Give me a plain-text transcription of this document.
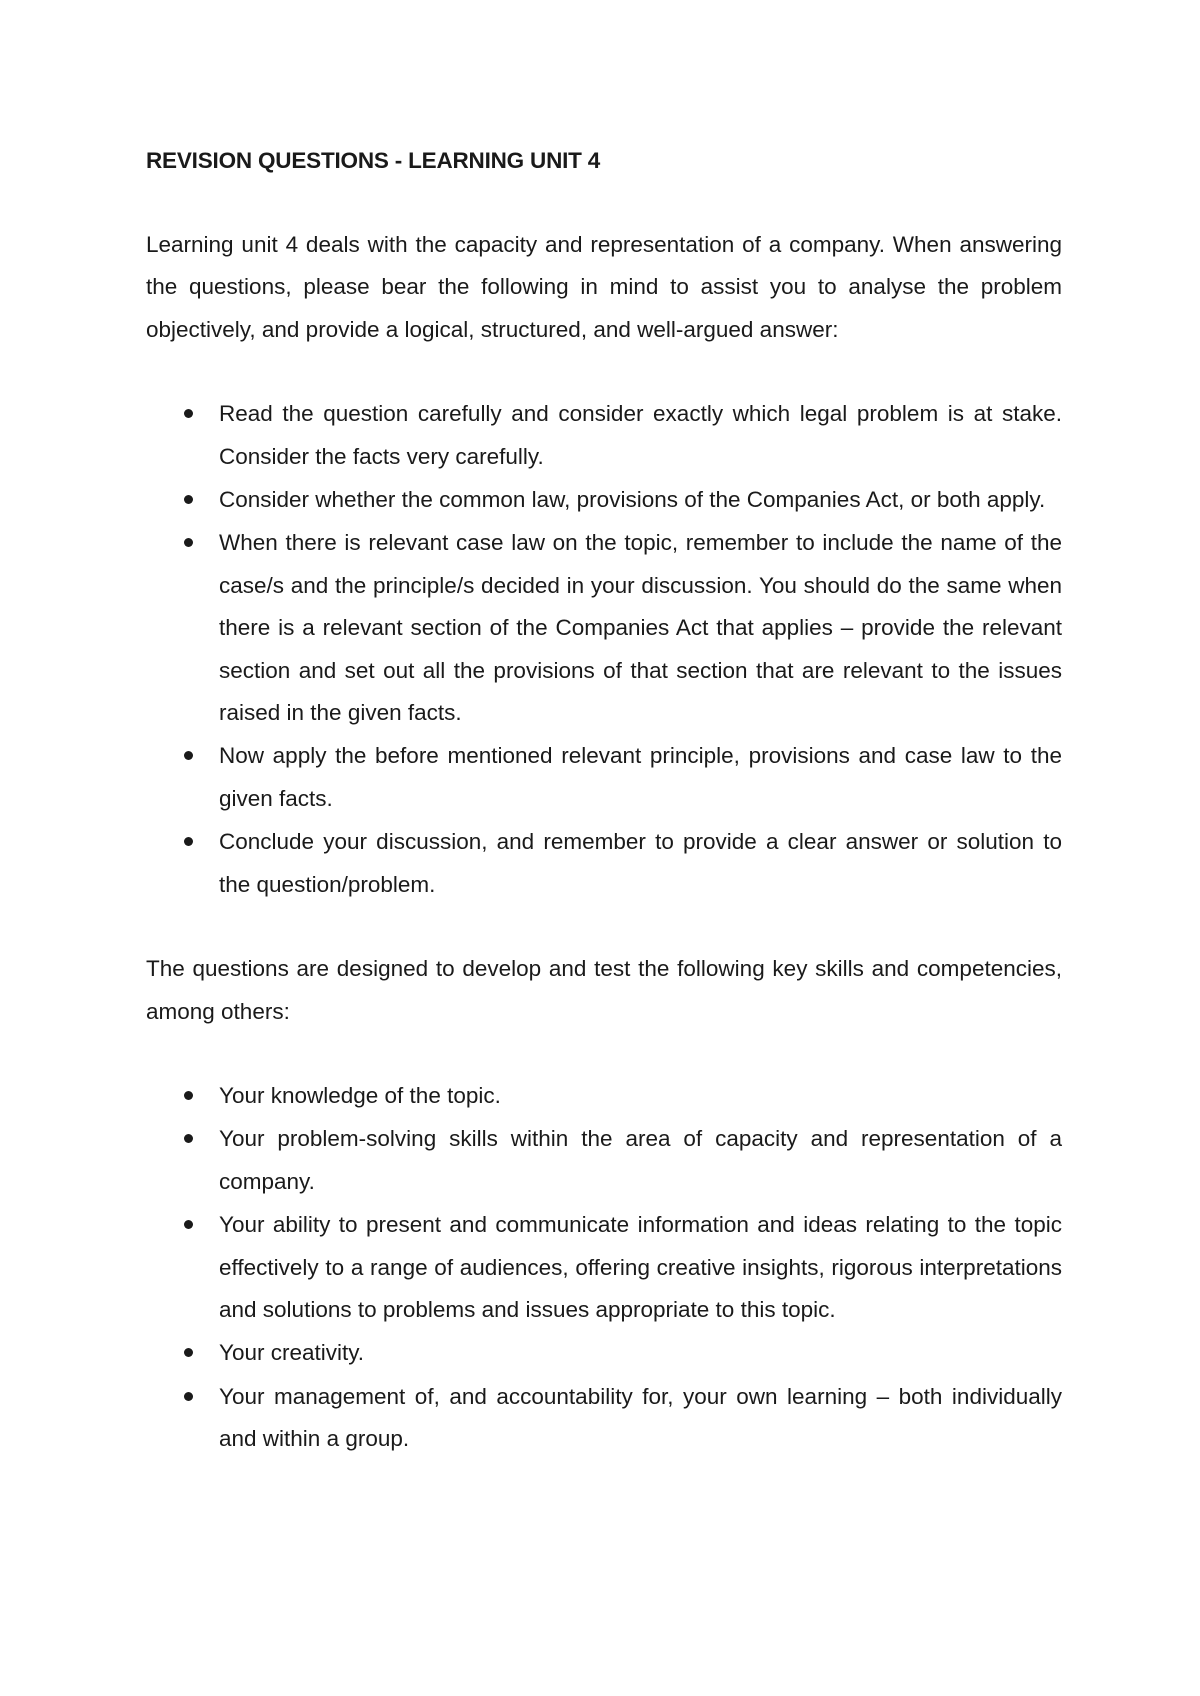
REVISION QUESTIONS - LEARNING UNIT 4

Learning unit 4 deals with the capacity and representation of a company. When answering the questions, please bear the following in mind to assist you to analyse the problem objectively, and provide a logical, structured, and well-argued answer:

Read the question carefully and consider exactly which legal problem is at stake. Consider the facts very carefully.
Consider whether the common law, provisions of the Companies Act, or both apply.
When there is relevant case law on the topic, remember to include the name of the case/s and the principle/s decided in your discussion. You should do the same when there is a relevant section of the Companies Act that applies – provide the relevant section and set out all the provisions of that section that are relevant to the issues raised in the given facts.
Now apply the before mentioned relevant principle, provisions and case law to the given facts.
Conclude your discussion, and remember to provide a clear answer or solution to the question/problem.

The questions are designed to develop and test the following key skills and competencies, among others:

Your knowledge of the topic.
Your problem-solving skills within the area of capacity and representation of a company.
Your ability to present and communicate information and ideas relating to the topic effectively to a range of audiences, offering creative insights, rigorous interpretations and solutions to problems and issues appropriate to this topic.
Your creativity.
Your management of, and accountability for, your own learning – both individually and within a group.
